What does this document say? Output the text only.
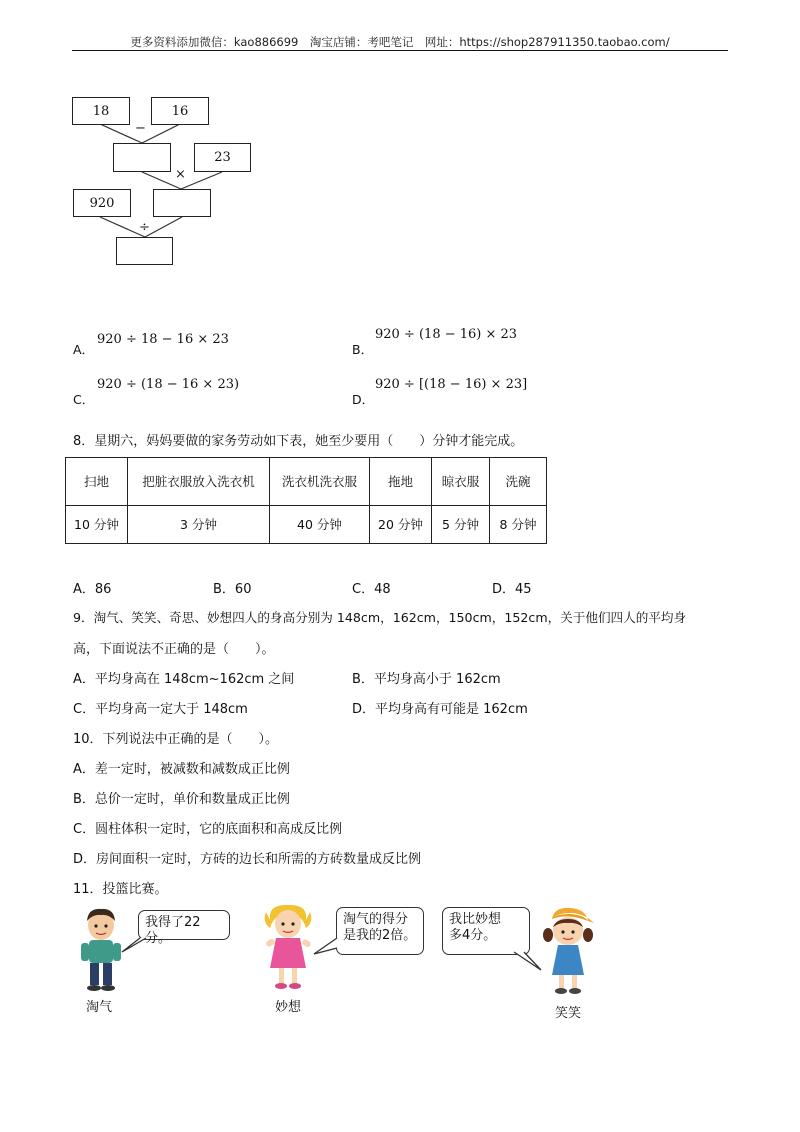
更多资料添加微信：kao886699　淘宝店铺：考吧笔记　网址：https://shop287911350.taobao.com/
18	16
−
23
×
920
÷
A．
920 ÷ 18 − 16 × 23
B．
920 ÷ (18 − 16) × 23
C．
920 ÷ (18 − 16 × 23)
D．
920 ÷ [(18 − 16) × 23]
8．星期六，妈妈要做的家务劳动如下表，她至少要用（　　）分钟才能完成。
扫地	把脏衣服放入洗衣机	洗衣机洗衣服	拖地	晾衣服	洗碗
10 分钟	3 分钟	40 分钟	20 分钟	5 分钟	8 分钟
A．86	B．60	C．48	D．45
9．淘气、笑笑、奇思、妙想四人的身高分别为 148cm，162cm，150cm，152cm，关于他们四人的平均身
高，下面说法不正确的是（　　）。
A．平均身高在 148cm~162cm 之间	B．平均身高小于 162cm
C．平均身高一定大于 148cm	D．平均身高有可能是 162cm
10．下列说法中正确的是（　　）。
A．差一定时，被减数和减数成正比例
B．总价一定时，单价和数量成正比例
C．圆柱体积一定时，它的底面积和高成反比例
D．房间面积一定时，方砖的边长和所需的方砖数量成反比例
11．投篮比赛。
我得了22分。
淘气
淘气的得分
是我的2倍。
妙想
我比妙想
多4分。
笑笑
